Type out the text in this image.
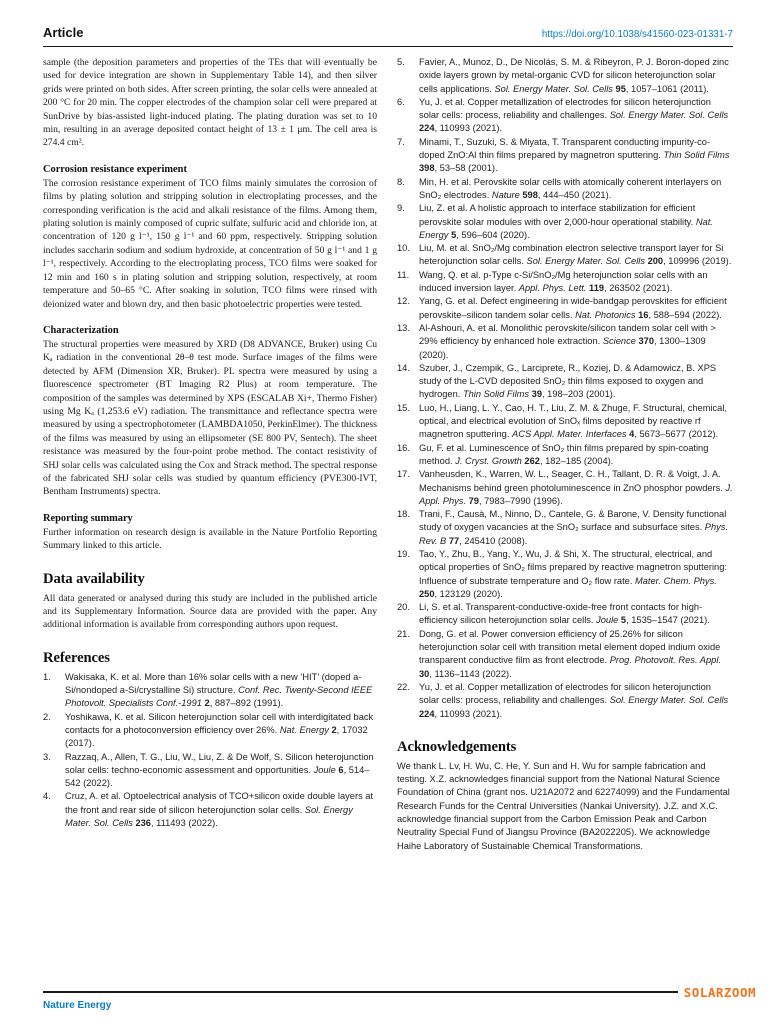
Article	https://doi.org/10.1038/s41560-023-01331-7

sample (the deposition parameters and properties of the TEs that will eventually be used for device integration are shown in Supplementary Table 14), and then silver grids were printed on both sides. After screen printing, the solar cells were annealed at 200 °C for 20 min. The copper electrodes of the champion solar cell were prepared at SunDrive by bias-assisted light-induced plating. The plating duration was set to 10 min, resulting in an average deposited contact height of 13 ± 1 μm. The cell area is 274.4 cm².

Corrosion resistance experiment

The corrosion resistance experiment of TCO films mainly simulates the corrosion of films by plating solution and stripping solution in electroplating processes, and the corresponding verification is the acid and alkali resistance of the films. Among them, plating solution is mainly composed of cupric sulfate, sulfuric acid and chloride ion, at concentration of 120 g l⁻¹, 150 g l⁻¹ and 60 ppm, respectively. Stripping solution includes saccharin sodium and sodium hydroxide, at concentration of 50 g l⁻¹ and 1 g l⁻¹, respectively. According to the electroplating process, TCO films were soaked for 12 min and 160 s in plating solution and stripping solution, respectively, at room temperature and 50–65 °C. After soaking in solution, TCO films were rinsed with deionized water and blown dry, and then basic photoelectric properties were tested.

Characterization

The structural properties were measured by XRD (D8 ADVANCE, Bruker) using Cu Kₐ radiation in the conventional 2θ–θ test mode. Surface images of the films were detected by AFM (Dimension XR, Bruker). PL spectra were measured by using a fluorescence spectrometer (BT Imaging R2 Plus) at room temperature. The composition of the samples was determined by XPS (ESCALAB Xi+, Thermo Fisher) using Mg Kₐ (1,253.6 eV) radiation. The transmittance and reflectance spectra were measured by using a spectrophotometer (LAMBDA1050, PerkinElmer). The thickness of the films was measured by using an ellipsometer (SE 800 PV, Sentech). The sheet resistance was measured by the four-point probe method. The contact resistivity of SHJ solar cells was calculated using the Cox and Strack method. The spectral response of the fabricated SHJ solar cells was studied by quantum efficiency (PVE300-IVT, Bentham Instruments) spectra.

Reporting summary

Further information on research design is available in the Nature Portfolio Reporting Summary linked to this article.

Data availability

All data generated or analysed during this study are included in the published article and its Supplementary Information. Source data are provided with the paper. Any additional information is available from corresponding authors upon request.

References
1.	Wakisaka, K. et al. More than 16% solar cells with a new ‘HIT’ (doped a-Si/nondoped a-Si/crystalline Si) structure. Conf. Rec. Twenty-Second IEEE Photovolt. Specialists Conf.-1991 2, 887–892 (1991).
2.	Yoshikawa, K. et al. Silicon heterojunction solar cell with interdigitated back contacts for a photoconversion efficiency over 26%. Nat. Energy 2, 17032 (2017).
3.	Razzaq, A., Allen, T. G., Liu, W., Liu, Z. & De Wolf, S. Silicon heterojunction solar cells: techno-economic assessment and opportunities. Joule 6, 514–542 (2022).
4.	Cruz, A. et al. Optoelectrical analysis of TCO+silicon oxide double layers at the front and rear side of silicon heterojunction solar cells. Sol. Energy Mater. Sol. Cells 236, 111493 (2022).
5.	Favier, A., Munoz, D., De Nicolás, S. M. & Ribeyron, P. J. Boron-doped zinc oxide layers grown by metal-organic CVD for silicon heterojunction solar cells applications. Sol. Energy Mater. Sol. Cells 95, 1057–1061 (2011).
6.	Yu, J. et al. Copper metallization of electrodes for silicon heterojunction solar cells: process, reliability and challenges. Sol. Energy Mater. Sol. Cells 224, 110993 (2021).
7.	Minami, T., Suzuki, S. & Miyata, T. Transparent conducting impurity-co-doped ZnO:Al thin films prepared by magnetron sputtering. Thin Solid Films 398, 53–58 (2001).
8.	Min, H. et al. Perovskite solar cells with atomically coherent interlayers on SnO₂ electrodes. Nature 598, 444–450 (2021).
9.	Liu, Z. et al. A holistic approach to interface stabilization for efficient perovskite solar modules with over 2,000-hour operational stability. Nat. Energy 5, 596–604 (2020).
10. Liu, M. et al. SnO₂/Mg combination electron selective transport layer for Si heterojunction solar cells. Sol. Energy Mater. Sol. Cells 200, 109996 (2019).
11.	Wang, Q. et al. p-Type c-Si/SnO₂/Mg heterojunction solar cells with an induced inversion layer. Appl. Phys. Lett. 119, 263502 (2021).
12. Yang, G. et al. Defect engineering in wide-bandgap perovskites for efficient perovskite–silicon tandem solar cells. Nat. Photonics 16, 588–594 (2022).
13. Al-Ashouri, A. et al. Monolithic perovskite/silicon tandem solar cell with > 29% efficiency by enhanced hole extraction. Science 370, 1300–1309 (2020).
14. Szuber, J., Czempik, G., Larciprete, R., Koziej, D. & Adamowicz, B. XPS study of the L-CVD deposited SnO₂ thin films exposed to oxygen and hydrogen. Thin Solid Films 39, 198–203 (2001).
15. Luo, H., Liang, L. Y., Cao, H. T., Liu, Z. M. & Zhuge, F. Structural, chemical, optical, and electrical evolution of SnOₓ films deposited by reactive rf magnetron sputtering. ACS Appl. Mater. Interfaces 4, 5673–5677 (2012).
16. Gu, F. et al. Luminescence of SnO₂ thin films prepared by spin-coating method. J. Cryst. Growth 262, 182–185 (2004).
17. Vanheusden, K., Warren, W. L., Seager, C. H., Tallant, D. R. & Voigt, J. A. Mechanisms behind green photoluminescence in ZnO phosphor powders. J. Appl. Phys. 79, 7983–7990 (1996).
18. Trani, F., Causà, M., Ninno, D., Cantele, G. & Barone, V. Density functional study of oxygen vacancies at the SnO₂ surface and subsurface sites. Phys. Rev. B 77, 245410 (2008).
19. Tao, Y., Zhu, B., Yang, Y., Wu, J. & Shi, X. The structural, electrical, and optical properties of SnO₂ films prepared by reactive magnetron sputtering: Influence of substrate temperature and O₂ flow rate. Mater. Chem. Phys. 250, 123129 (2020).
20. Li, S. et al. Transparent-conductive-oxide-free front contacts for high-efficiency silicon heterojunction solar cells. Joule 5, 1535–1547 (2021).
21. Dong, G. et al. Power conversion efficiency of 25.26% for silicon heterojunction solar cell with transition metal element doped indium oxide transparent conductive film as front electrode. Prog. Photovolt. Res. Appl. 30, 1136–1143 (2022).
22. Yu, J. et al. Copper metallization of electrodes for silicon heterojunction solar cells: process, reliability and challenges. Sol. Energy Mater. Sol. Cells 224, 110993 (2021).
Acknowledgements

We thank L. Lv, H. Wu, C. He, Y. Sun and H. Wu for sample fabrication and testing. X.Z. acknowledges financial support from the National Natural Science Foundation of China (grant nos. U21A2072 and 62274099) and the Fundamental Research Funds for the Central Universities (Nankai University). J.Z. and X.C. acknowledge financial support from the Carbon Emission Peak and Carbon Neutrality Special Fund of Jiangsu Province (BA2022205). We acknowledge Haihe Laboratory of Sustainable Chemical Transformations.

Nature Energy
SOLARZOOM
